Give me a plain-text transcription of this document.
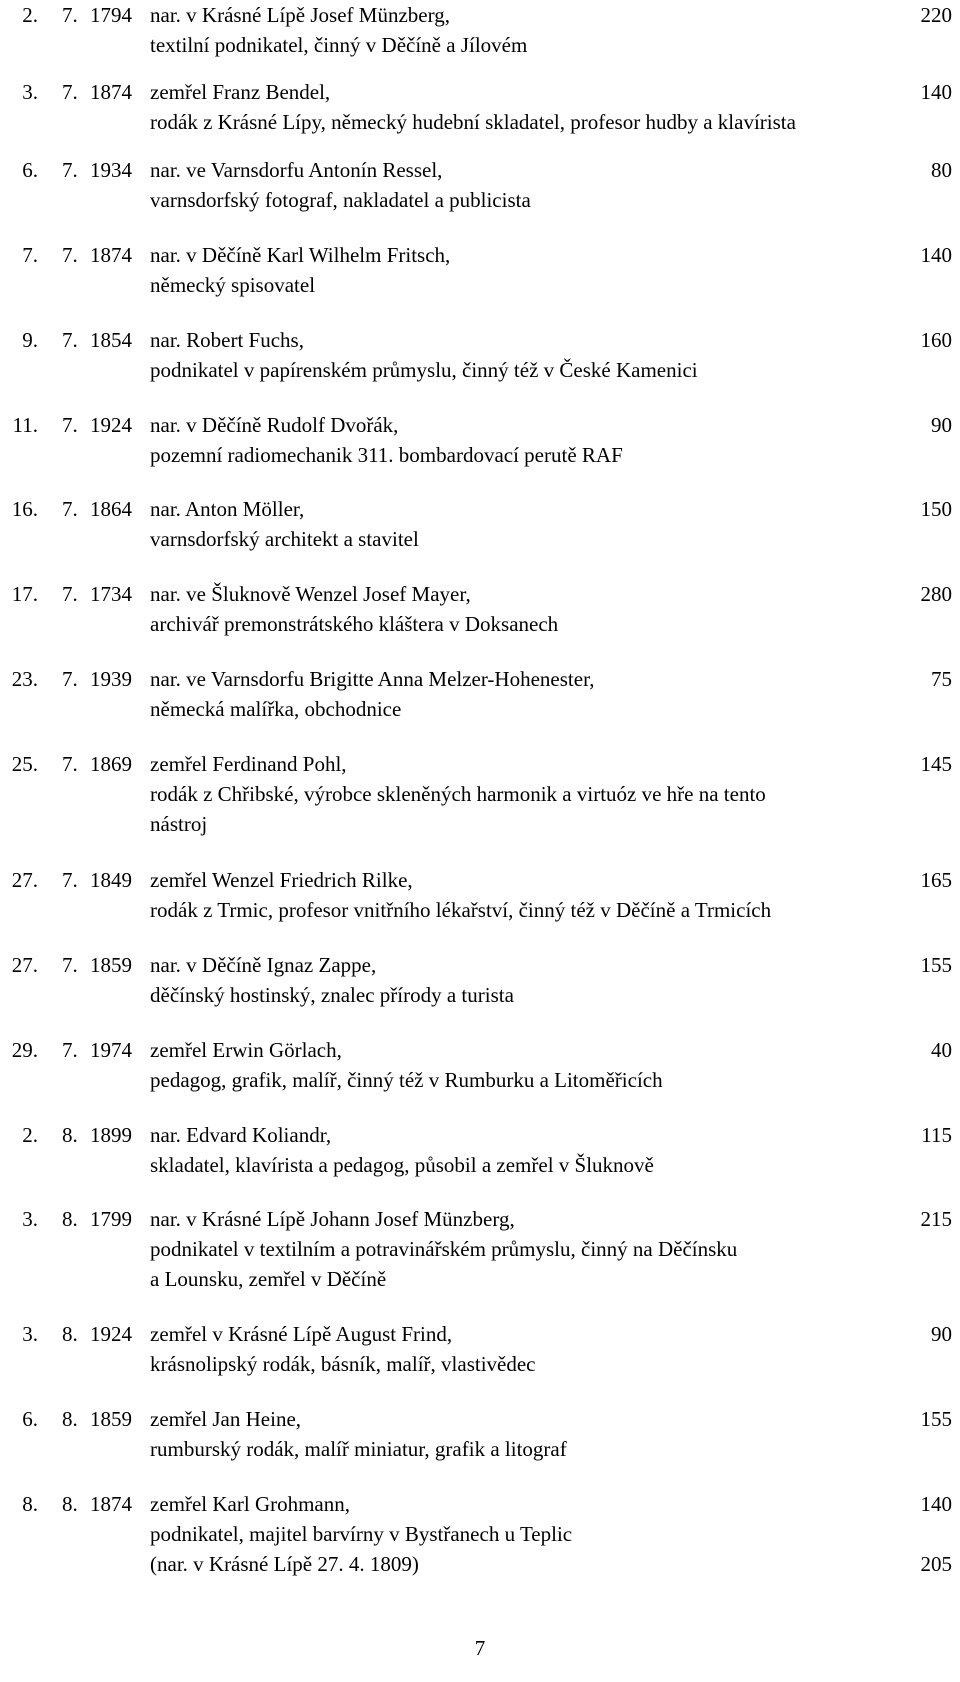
2. 7. 1794 nar. v Krásné Lípě Josef Münzberg,
textilní podnikatel, činný v Děčíně a Jílovém
220
3. 7. 1874 zemřel Franz Bendel,
rodák z Krásné Lípy, německý hudební skladatel, profesor hudby a klavírista
140
6. 7. 1934 nar. ve Varnsdorfu Antonín Ressel,
varnsdorfský fotograf, nakladatel a publicista
80
7. 7. 1874 nar. v Děčíně Karl Wilhelm Fritsch,
německý spisovatel
140
9. 7. 1854 nar. Robert Fuchs,
podnikatel v papírenském průmyslu, činný též v České Kamenici
160
11. 7. 1924 nar. v Děčíně Rudolf Dvořák,
pozemní radiomechanik 311. bombardovací perutě RAF
90
16. 7. 1864 nar. Anton Möller,
varnsdorfský architekt a stavitel
150
17. 7. 1734 nar. ve Šluknově Wenzel Josef Mayer,
archivář premonstrátského kláštera v Doksanech
280
23. 7. 1939 nar. ve Varnsdorfu Brigitte Anna Melzer-Hohenester,
německá malířka, obchodnice
75
25. 7. 1869 zemřel Ferdinand Pohl,
rodák z Chřibské, výrobce skleněných harmonik a virtuóz ve hře na tento
nástroj
145
27. 7. 1849 zemřel Wenzel Friedrich Rilke,
rodák z Trmic, profesor vnitřního lékařství, činný též v Děčíně a Trmicích
165
27. 7. 1859 nar. v Děčíně Ignaz Zappe,
děčínský hostinský, znalec přírody a turista
155
29. 7. 1974 zemřel Erwin Görlach,
pedagog, grafik, malíř, činný též v Rumburku a Litoměřicích
40
2. 8. 1899 nar. Edvard Koliandr,
skladatel, klavírista a pedagog, působil a zemřel v Šluknově
115
3. 8. 1799 nar. v Krásné Lípě Johann Josef Münzberg,
podnikatel v textilním a potravinářském průmyslu, činný na Děčínsku
a Lounsku, zemřel v Děčíně
215
3. 8. 1924 zemřel v Krásné Lípě August Frind,
krásnolipský rodák, básník, malíř, vlastivědec
90
6. 8. 1859 zemřel Jan Heine,
rumburský rodák, malíř miniatur, grafik a litograf
155
8. 8. 1874 zemřel Karl Grohmann,
podnikatel, majitel barvírny v Bystřanech u Teplic
(nar. v Krásné Lípě 27. 4. 1809)
140
205
7
